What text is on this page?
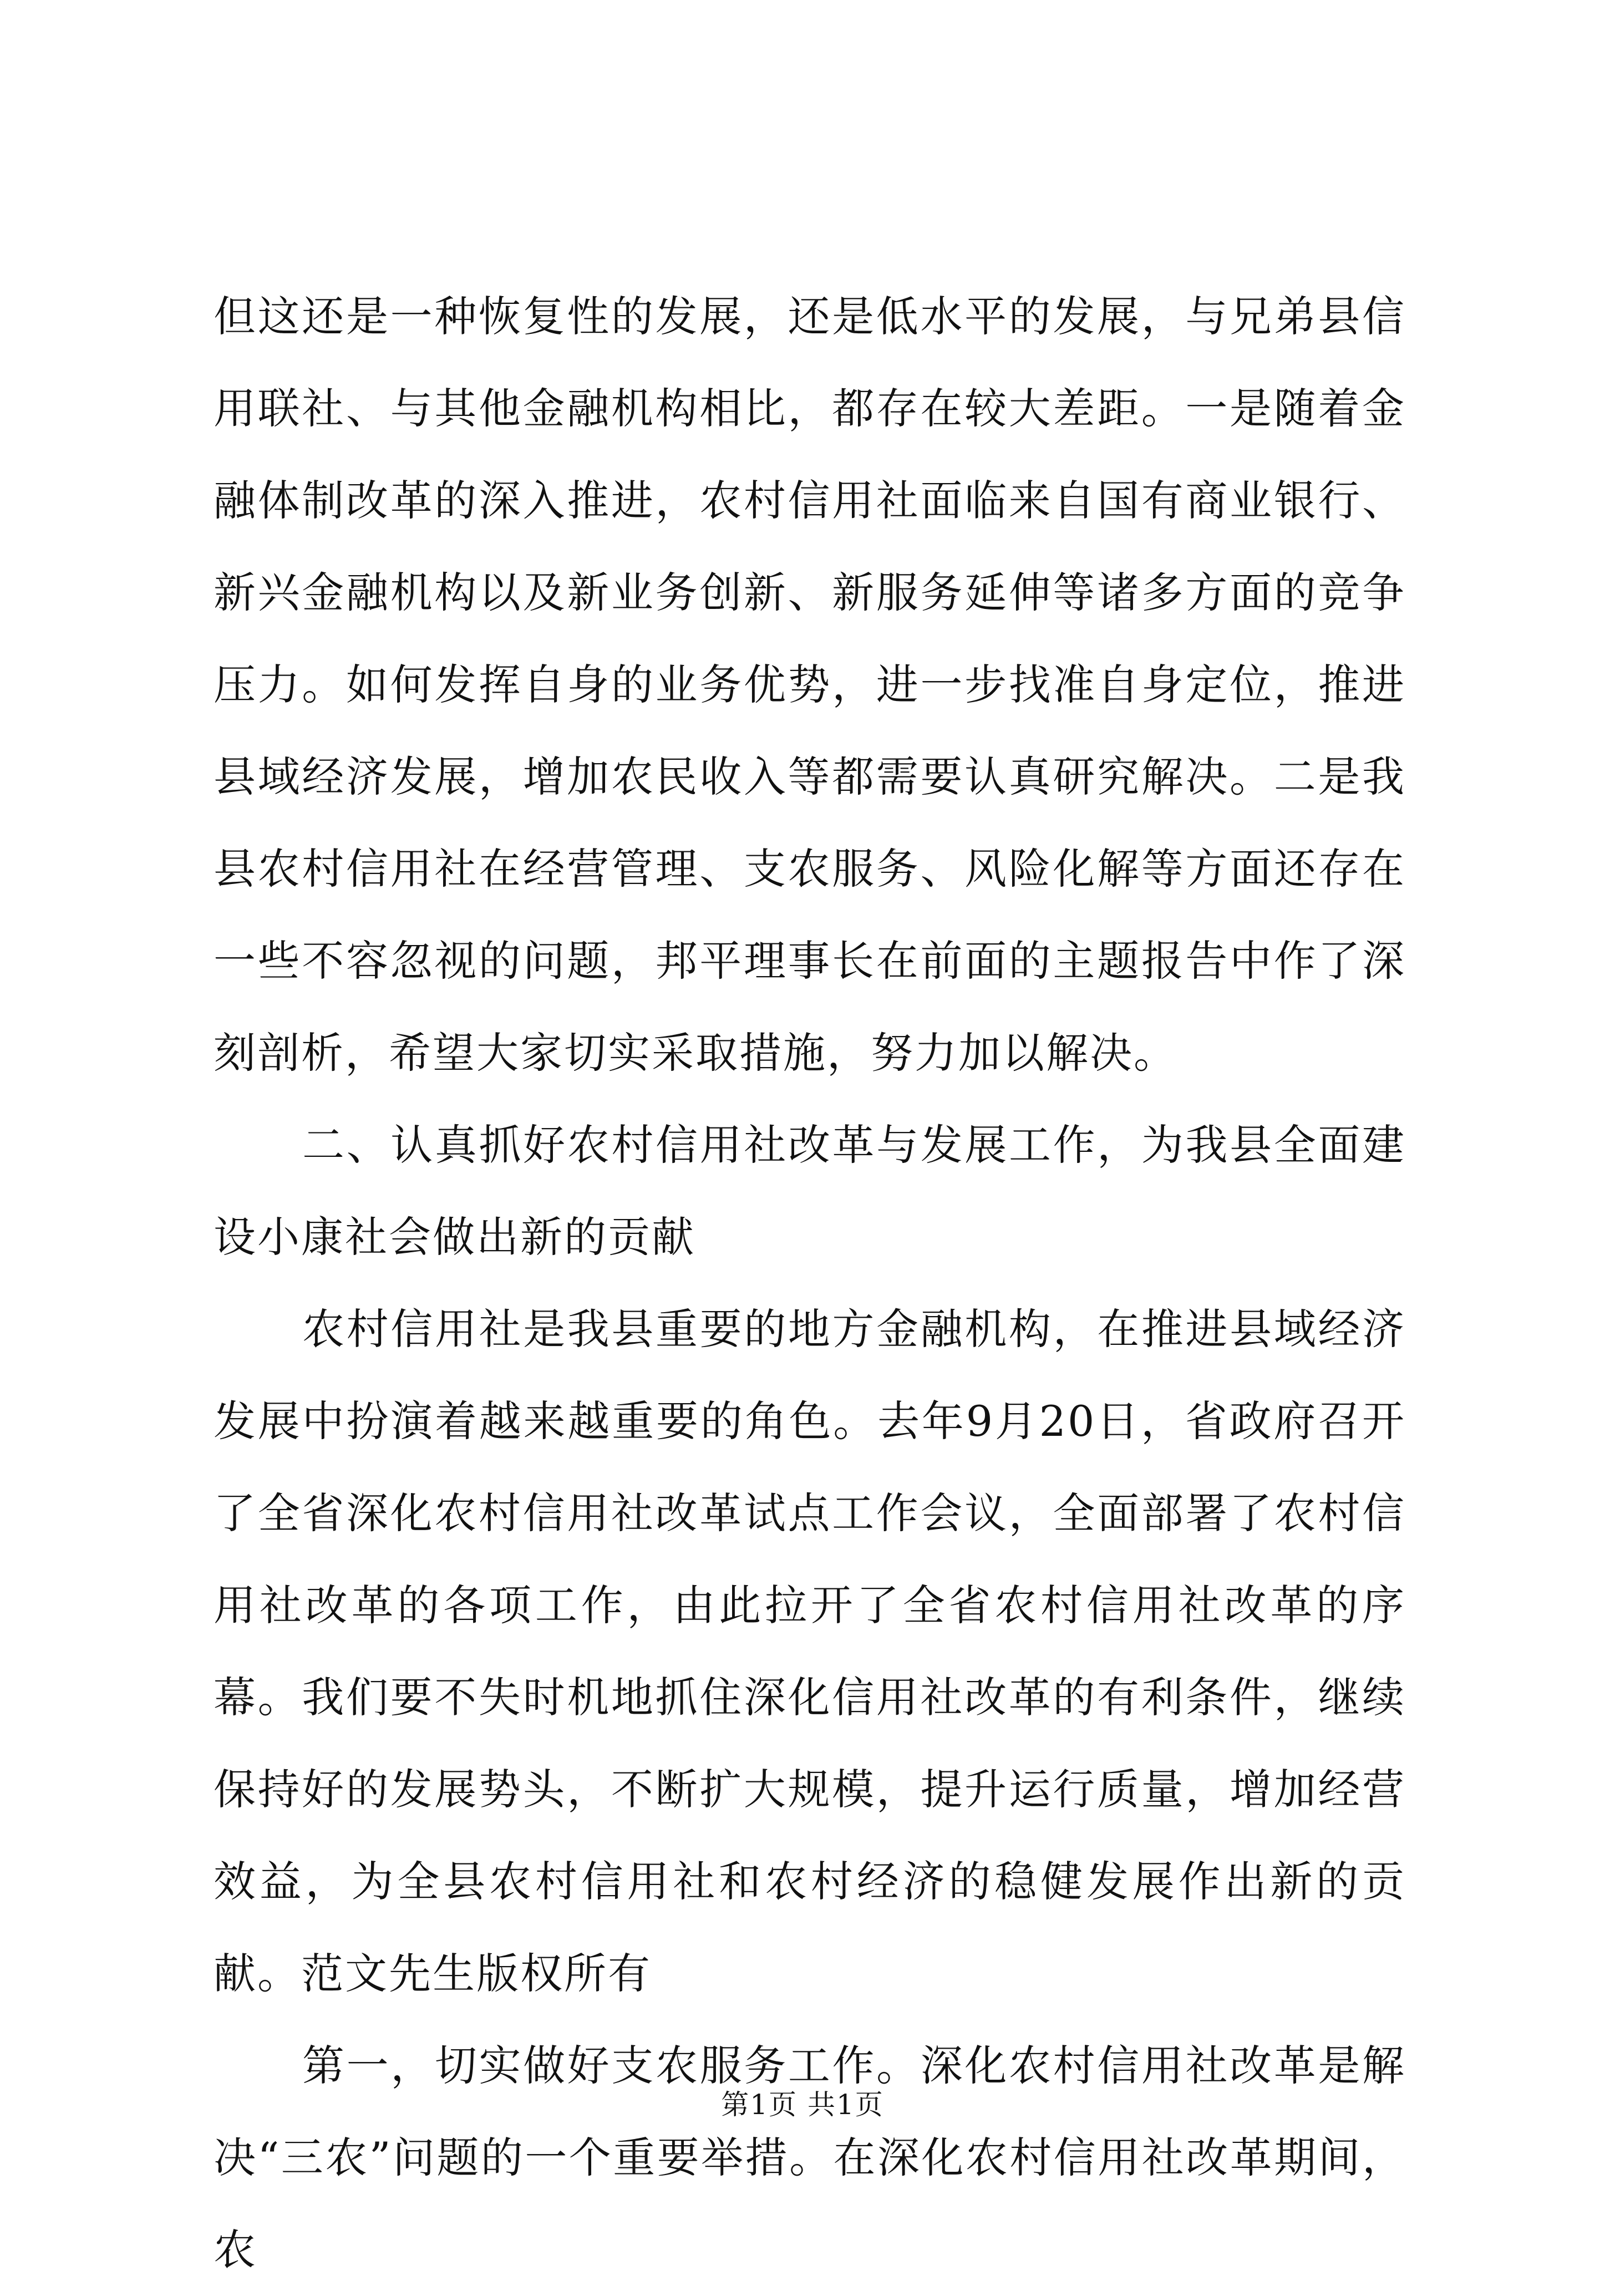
但这还是一种恢复性的发展，还是低水平的发展，与兄弟县信用联社、与其他金融机构相比，都存在较大差距。一是随着金融体制改革的深入推进，农村信用社面临来自国有商业银行、新兴金融机构以及新业务创新、新服务延伸等诸多方面的竞争压力。如何发挥自身的业务优势，进一步找准自身定位，推进县域经济发展，增加农民收入等都需要认真研究解决。二是我县农村信用社在经营管理、支农服务、风险化解等方面还存在一些不容忽视的问题，邦平理事长在前面的主题报告中作了深刻剖析，希望大家切实采取措施，努力加以解决。

二、认真抓好农村信用社改革与发展工作，为我县全面建设小康社会做出新的贡献

农村信用社是我县重要的地方金融机构，在推进县域经济发展中扮演着越来越重要的角色。去年9月20日，省政府召开了全省深化农村信用社改革试点工作会议，全面部署了农村信用社改革的各项工作，由此拉开了全省农村信用社改革的序幕。我们要不失时机地抓住深化信用社改革的有利条件，继续保持好的发展势头，不断扩大规模，提升运行质量，增加经营效益，为全县农村信用社和农村经济的稳健发展作出新的贡献。范文先生版权所有

第一，切实做好支农服务工作。深化农村信用社改革是解决“三农”问题的一个重要举措。在深化农村信用社改革期间，农

第1页 共1页
